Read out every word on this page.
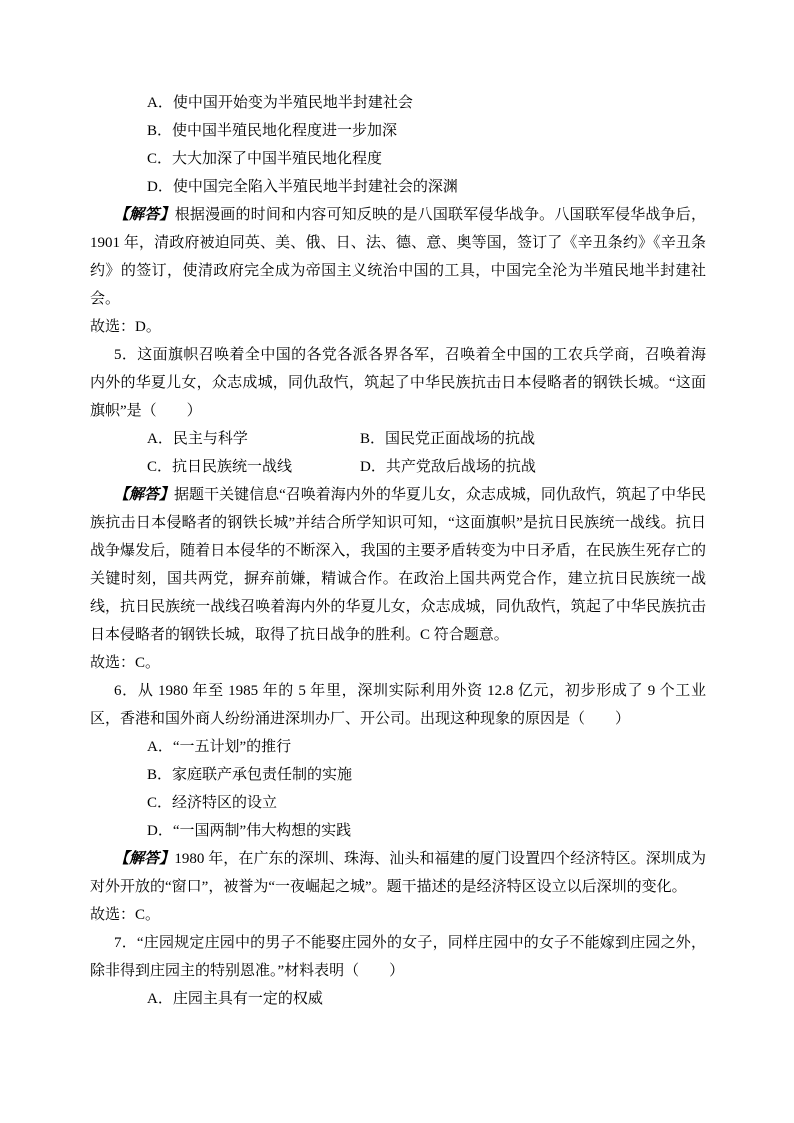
A．使中国开始变为半殖民地半封建社会

B．使中国半殖民地化程度进一步加深

C．大大加深了中国半殖民地化程度

D．使中国完全陷入半殖民地半封建社会的深渊

【解答】根据漫画的时间和内容可知反映的是八国联军侵华战争。八国联军侵华战争后，1901 年，清政府被迫同英、美、俄、日、法、德、意、奥等国，签订了《辛丑条约》《辛丑条约》的签订，使清政府完全成为帝国主义统治中国的工具，中国完全沦为半殖民地半封建社会。

故选：D。

5．这面旗帜召唤着全中国的各党各派各界各军，召唤着全中国的工农兵学商，召唤着海内外的华夏儿女，众志成城，同仇敌忾，筑起了中华民族抗击日本侵略者的钢铁长城。“这面旗帜”是（　　）

A．民主与科学	B．国民党正面战场的抗战

C．抗日民族统一战线	D．共产党敌后战场的抗战

【解答】据题干关键信息“召唤着海内外的华夏儿女，众志成城，同仇敌忾，筑起了中华民族抗击日本侵略者的钢铁长城”并结合所学知识可知，“这面旗帜”是抗日民族统一战线。抗日战争爆发后，随着日本侵华的不断深入，我国的主要矛盾转变为中日矛盾，在民族生死存亡的关键时刻，国共两党，摒弃前嫌，精诚合作。在政治上国共两党合作，建立抗日民族统一战线，抗日民族统一战线召唤着海内外的华夏儿女，众志成城，同仇敌忾，筑起了中华民族抗击日本侵略者的钢铁长城，取得了抗日战争的胜利。C 符合题意。

故选：C。

6．从 1980 年至 1985 年的 5 年里，深圳实际利用外资 12.8 亿元，初步形成了 9 个工业区，香港和国外商人纷纷涌进深圳办厂、开公司。出现这种现象的原因是（　　）

A．“一五计划”的推行

B．家庭联产承包责任制的实施

C．经济特区的设立

D．“一国两制”伟大构想的实践

【解答】1980 年，在广东的深圳、珠海、汕头和福建的厦门设置四个经济特区。深圳成为对外开放的“窗口”，被誉为“一夜崛起之城”。题干描述的是经济特区设立以后深圳的变化。

故选：C。

7．“庄园规定庄园中的男子不能娶庄园外的女子，同样庄园中的女子不能嫁到庄园之外，除非得到庄园主的特别恩准。”材料表明（　　）

A．庄园主具有一定的权威
